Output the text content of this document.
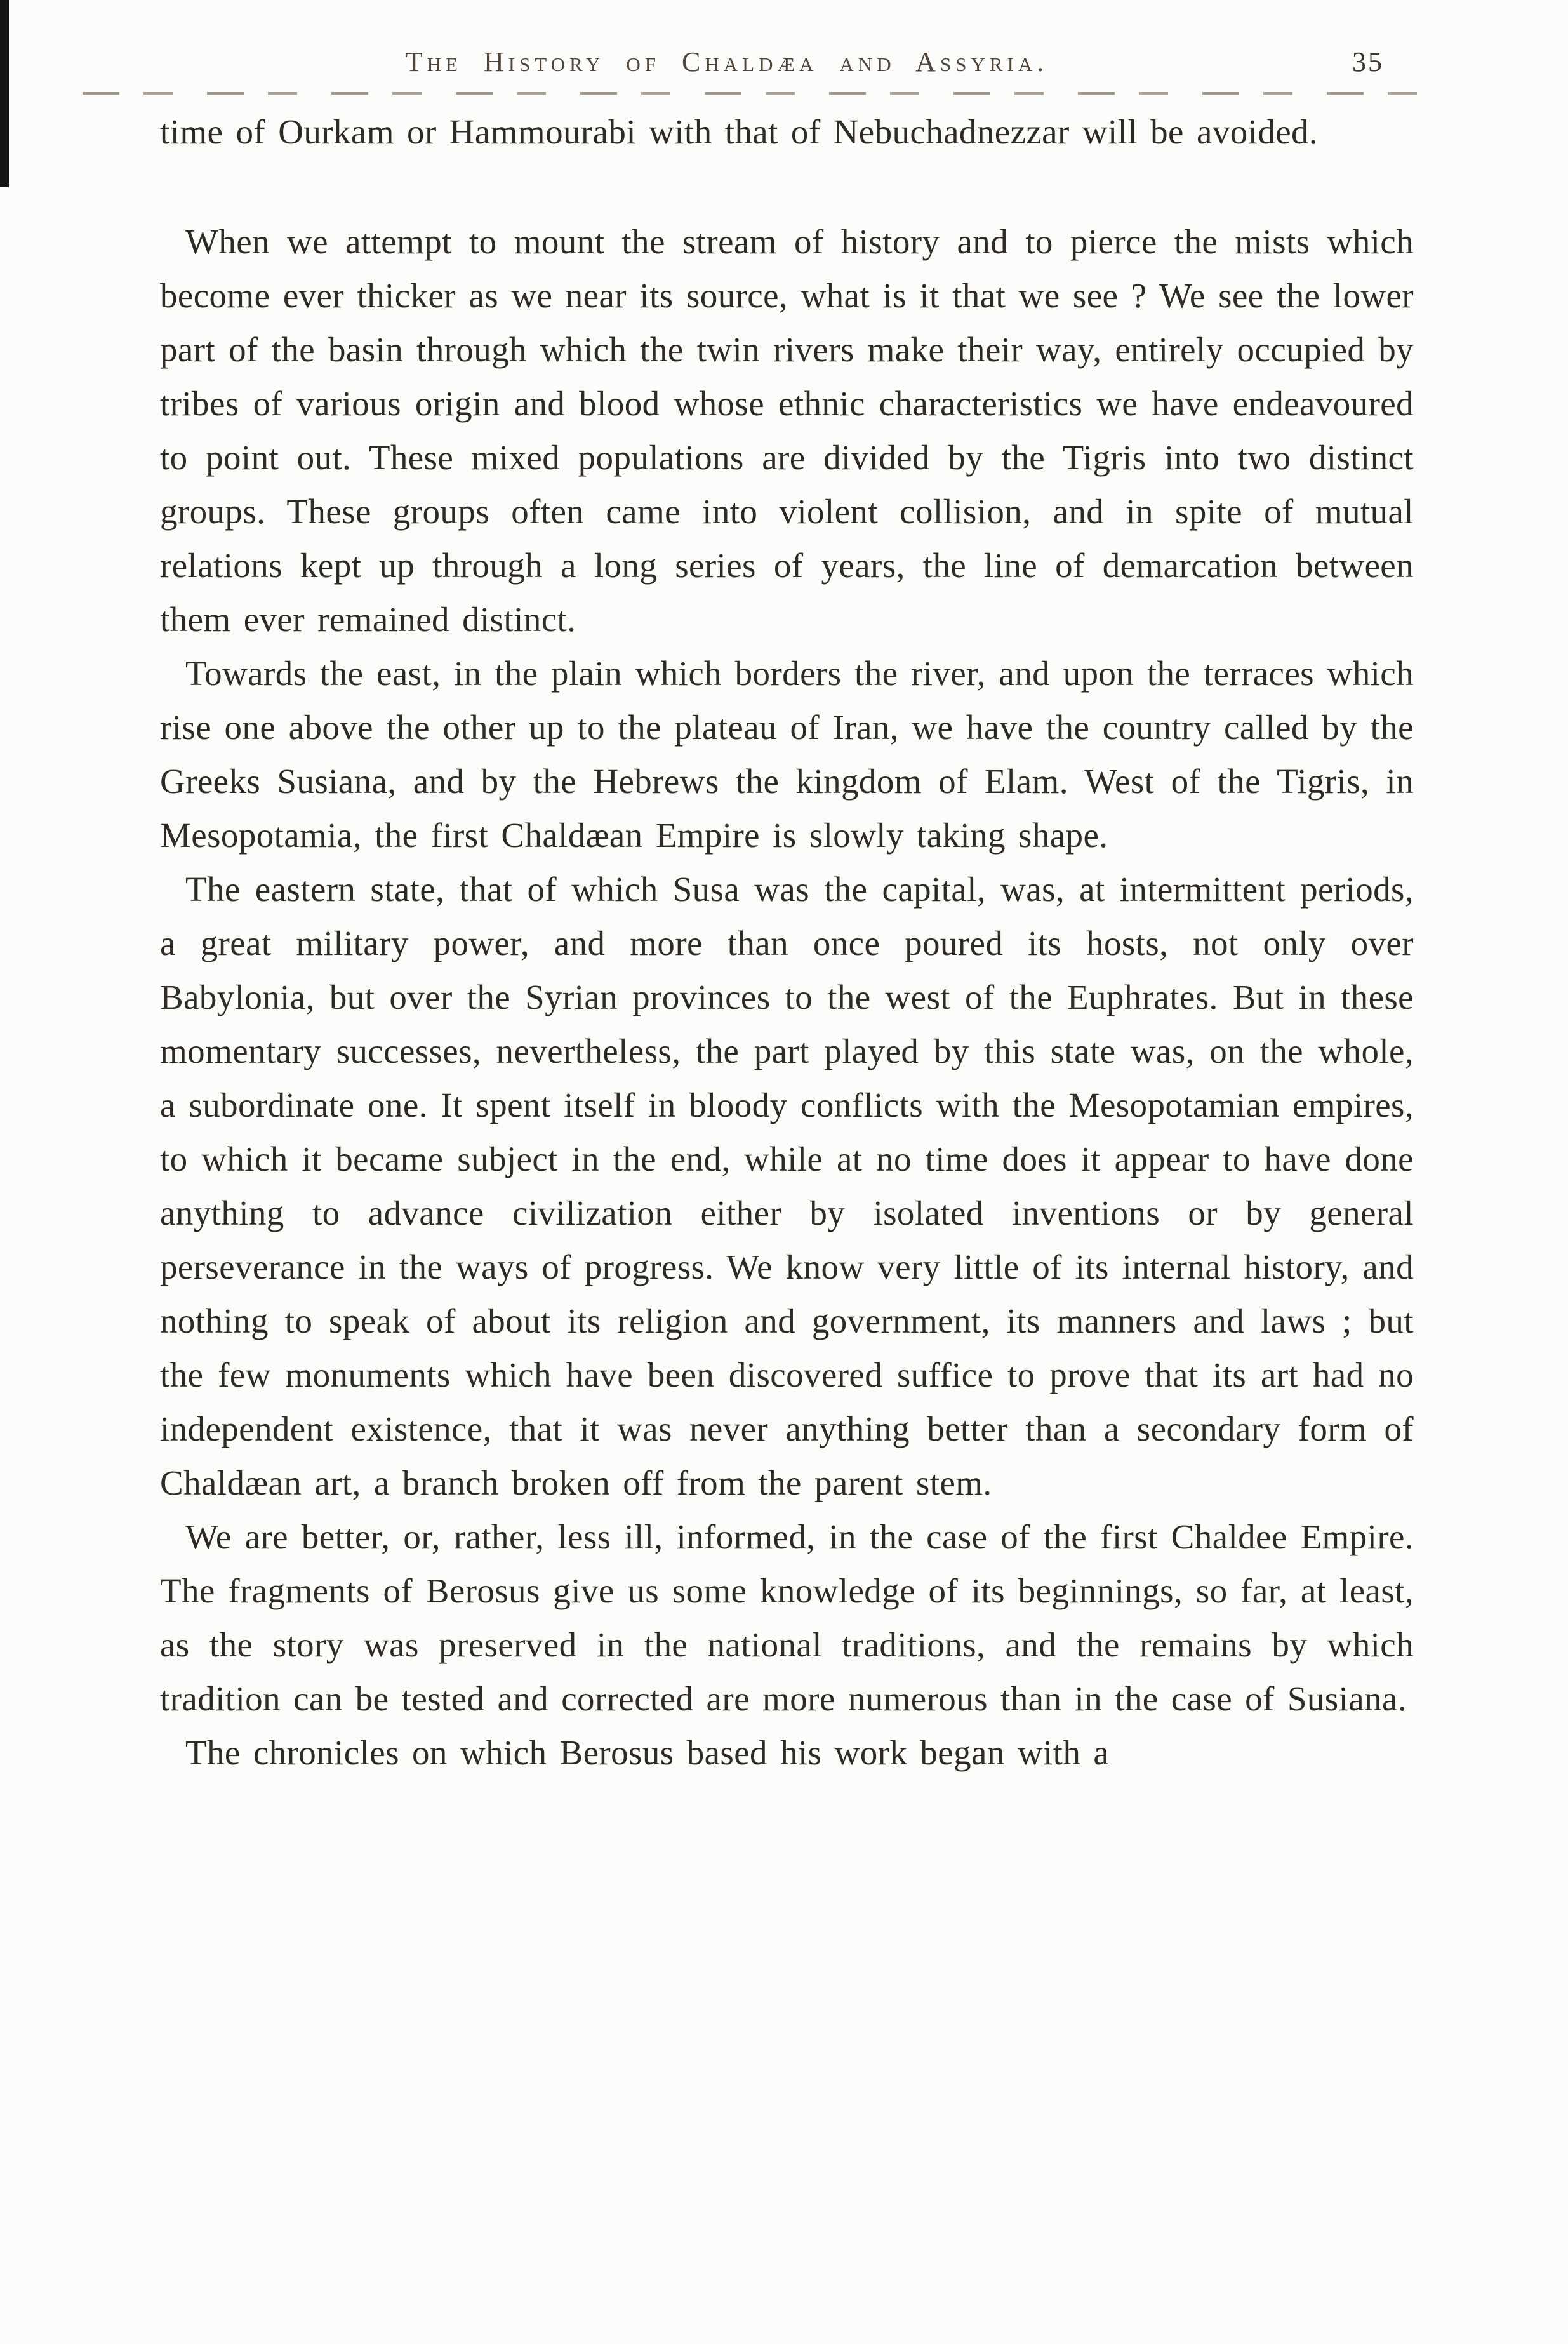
The History of Chaldæa and Assyria.	35

time of Ourkam or Hammourabi with that of Nebuchadnezzar will be avoided.

When we attempt to mount the stream of history and to pierce the mists which become ever thicker as we near its source, what is it that we see ? We see the lower part of the basin through which the twin rivers make their way, entirely occupied by tribes of various origin and blood whose ethnic characteristics we have endeavoured to point out. These mixed populations are divided by the Tigris into two distinct groups. These groups often came into violent collision, and in spite of mutual relations kept up through a long series of years, the line of demarcation between them ever remained distinct.

Towards the east, in the plain which borders the river, and upon the terraces which rise one above the other up to the plateau of Iran, we have the country called by the Greeks Susiana, and by the Hebrews the kingdom of Elam. West of the Tigris, in Mesopotamia, the first Chaldæan Empire is slowly taking shape.

The eastern state, that of which Susa was the capital, was, at intermittent periods, a great military power, and more than once poured its hosts, not only over Babylonia, but over the Syrian provinces to the west of the Euphrates. But in these momentary successes, nevertheless, the part played by this state was, on the whole, a subordinate one. It spent itself in bloody conflicts with the Mesopotamian empires, to which it became subject in the end, while at no time does it appear to have done anything to advance civilization either by isolated inventions or by general perseverance in the ways of progress. We know very little of its internal history, and nothing to speak of about its religion and government, its manners and laws ; but the few monuments which have been discovered suffice to prove that its art had no independent existence, that it was never anything better than a secondary form of Chaldæan art, a branch broken off from the parent stem.

We are better, or, rather, less ill, informed, in the case of the first Chaldee Empire. The fragments of Berosus give us some knowledge of its beginnings, so far, at least, as the story was preserved in the national traditions, and the remains by which tradition can be tested and corrected are more numerous than in the case of Susiana.

The chronicles on which Berosus based his work began with a
